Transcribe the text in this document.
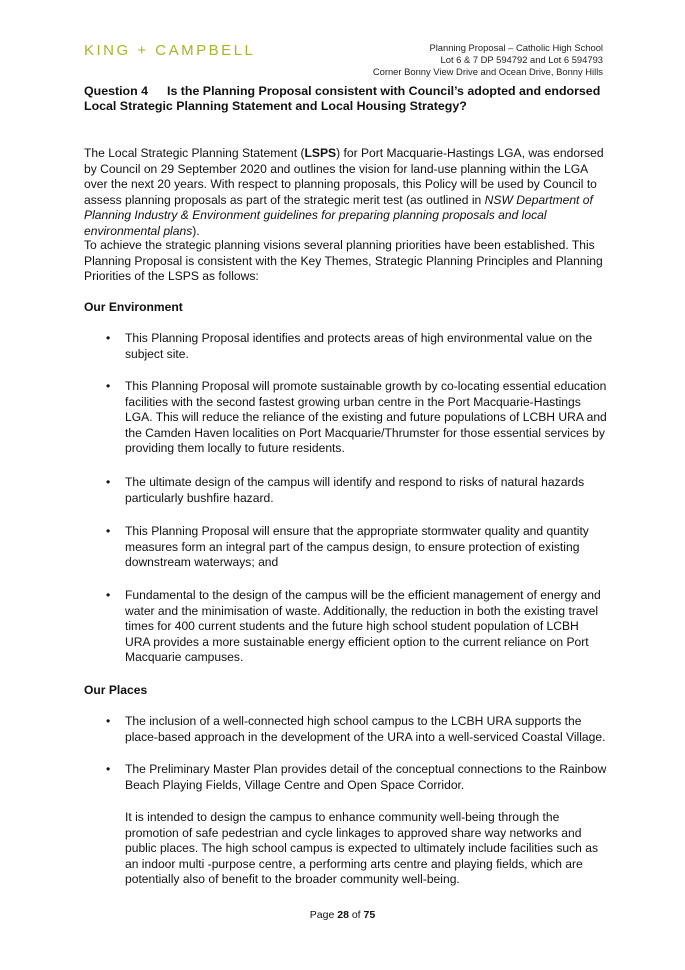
KING + CAMPBELL	Planning Proposal – Catholic High School
Lot 6 & 7 DP 594792 and Lot 6 594793
Corner Bonny View Drive and Ocean Drive, Bonny Hills
Question 4 Is the Planning Proposal consistent with Council’s adopted and endorsed Local Strategic Planning Statement and Local Housing Strategy?
The Local Strategic Planning Statement (LSPS) for Port Macquarie-Hastings LGA, was endorsed by Council on 29 September 2020 and outlines the vision for land-use planning within the LGA over the next 20 years. With respect to planning proposals, this Policy will be used by Council to assess planning proposals as part of the strategic merit test (as outlined in NSW Department of Planning Industry & Environment guidelines for preparing planning proposals and local environmental plans).
To achieve the strategic planning visions several planning priorities have been established. This Planning Proposal is consistent with the Key Themes, Strategic Planning Principles and Planning Priorities of the LSPS as follows:
Our Environment
• This Planning Proposal identifies and protects areas of high environmental value on the subject site.
• This Planning Proposal will promote sustainable growth by co-locating essential education facilities with the second fastest growing urban centre in the Port Macquarie-Hastings LGA. This will reduce the reliance of the existing and future populations of LCBH URA and the Camden Haven localities on Port Macquarie/Thrumster for those essential services by providing them locally to future residents.
• The ultimate design of the campus will identify and respond to risks of natural hazards particularly bushfire hazard.
• This Planning Proposal will ensure that the appropriate stormwater quality and quantity measures form an integral part of the campus design, to ensure protection of existing downstream waterways; and
• Fundamental to the design of the campus will be the efficient management of energy and water and the minimisation of waste. Additionally, the reduction in both the existing travel times for 400 current students and the future high school student population of LCBH URA provides a more sustainable energy efficient option to the current reliance on Port Macquarie campuses.
Our Places
• The inclusion of a well-connected high school campus to the LCBH URA supports the place-based approach in the development of the URA into a well-serviced Coastal Village.
• The Preliminary Master Plan provides detail of the conceptual connections to the Rainbow Beach Playing Fields, Village Centre and Open Space Corridor.
It is intended to design the campus to enhance community well-being through the promotion of safe pedestrian and cycle linkages to approved share way networks and public places. The high school campus is expected to ultimately include facilities such as an indoor multi -purpose centre, a performing arts centre and playing fields, which are potentially also of benefit to the broader community well-being.
Page 28 of 75
